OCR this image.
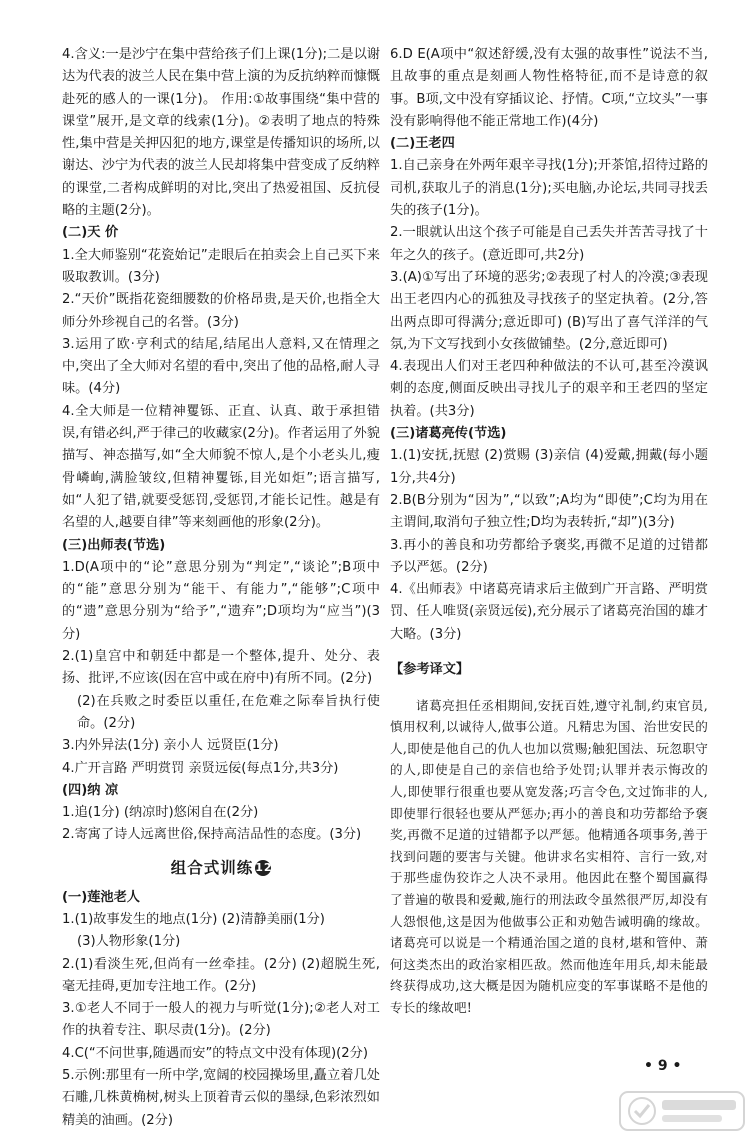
4.含义:一是沙宁在集中营给孩子们上课(1分);二是以谢达为代表的波兰人民在集中营上演的为反抗纳粹而慷慨赴死的感人的一课(1分)。 作用:①故事围绕“集中营的课堂”展开,是文章的线索(1分)。②表明了地点的特殊性,集中营是关押囚犯的地方,课堂是传播知识的场所,以谢达、沙宁为代表的波兰人民却将集中营变成了反纳粹的课堂,二者构成鲜明的对比,突出了热爱祖国、反抗侵略的主题(2分)。

(二)天 价

1.全大师鉴别“花瓷始记”走眼后在拍卖会上自己买下来吸取教训。(3分)

2.“天价”既指花瓷细腰数的价格昂贵,是天价,也指全大师分外珍视自己的名誉。(3分)

3.运用了欧·亨利式的结尾,结尾出人意料,又在情理之中,突出了全大师对名望的看中,突出了他的品格,耐人寻味。(4分)

4.全大师是一位精神矍铄、正直、认真、敢于承担错误,有错必纠,严于律己的收藏家(2分)。作者运用了外貌描写、神态描写,如“全大师貌不惊人,是个小老头儿,瘦骨嶙峋,满脸皱纹,但精神矍铄,目光如炬”;语言描写,如“人犯了错,就要受惩罚,受惩罚,才能长记性。越是有名望的人,越要自律”等来刻画他的形象(2分)。

(三)出师表(节选)

1.D(A项中的“论”意思分别为“判定”,“谈论”;B项中的“能”意思分别为“能干、有能力”,“能够”;C项中的“遗”意思分别为“给予”,“遗弃”;D项均为“应当”)(3分)

2.(1)皇宫中和朝廷中都是一个整体,提升、处分、表扬、批评,不应该(因在宫中或在府中)有所不同。(2分)

(2)在兵败之时委臣以重任,在危难之际奉旨执行使命。(2分)

3.内外异法(1分) 亲小人 远贤臣(1分)

4.广开言路 严明赏罚 亲贤远佞(每点1分,共3分)

(四)纳 凉

1.追(1分) (纳凉时)悠闲自在(2分)

2.寄寓了诗人远离世俗,保持高洁品性的态度。(3分)

组合式训练 12

(一)莲池老人

1.(1)故事发生的地点(1分) (2)清静美丽(1分)

(3)人物形象(1分)

2.(1)看淡生死,但尚有一丝牵挂。(2分) (2)超脱生死,毫无挂碍,更加专注地工作。(2分)

3.①老人不同于一般人的视力与听觉(1分);②老人对工作的执着专注、职尽责(1分)。(2分)

4.C(“不问世事,随遇而安”的特点文中没有体现)(2分)

5.示例:那里有一所中学,宽阔的校园操场里,矗立着几处石雕,几株黄桷树,树头上顶着青云似的墨绿,色彩浓烈如精美的油画。(2分)

6.D E(A项中“叙述舒缓,没有太强的故事性”说法不当,且故事的重点是刻画人物性格特征,而不是诗意的叙事。B项,文中没有穿插议论、抒情。C项,“立坟头”一事没有影响得他不能正常地工作)(4分)

(二)王老四

1.自己亲身在外两年艰辛寻找(1分);开茶馆,招待过路的司机,获取儿子的消息(1分);买电脑,办论坛,共同寻找丢失的孩子(1分)。

2.一眼就认出这个孩子可能是自己丢失并苦苦寻找了十年之久的孩子。(意近即可,共2分)

3.(A)①写出了环境的恶劣;②表现了村人的冷漠;③表现出王老四内心的孤独及寻找孩子的坚定执着。(2分,答出两点即可得满分;意近即可) (B)写出了喜气洋洋的气氛,为下文写找到小女孩做铺垫。(2分,意近即可)

4.表现出人们对王老四种种做法的不认可,甚至冷漠讽刺的态度,侧面反映出寻找儿子的艰辛和王老四的坚定执着。(共3分)

(三)诸葛亮传(节选)

1.(1)安抚,抚慰 (2)赏赐 (3)亲信 (4)爱戴,拥戴(每小题1分,共4分)

2.B(B分别为“因为”,“以致”;A均为“即使”;C均为用在主谓间,取消句子独立性;D均为表转折,“却”)(3分)

3.再小的善良和功劳都给予褒奖,再微不足道的过错都予以严惩。(2分)

4.《出师表》中诸葛亮请求后主做到广开言路、严明赏罚、任人唯贤(亲贤远佞),充分展示了诸葛亮治国的雄才大略。(3分)

【参考译文】

诸葛亮担任丞相期间,安抚百姓,遵守礼制,约束官员,慎用权利,以诚待人,做事公道。凡精忠为国、治世安民的人,即使是他自己的仇人也加以赏赐;触犯国法、玩忽职守的人,即使是自己的亲信也给予处罚;认罪并表示悔改的人,即使罪行很重也要从宽发落;巧言令色,文过饰非的人,即使罪行很轻也要从严惩办;再小的善良和功劳都给予褒奖,再微不足道的过错都予以严惩。他精通各项事务,善于找到问题的要害与关键。他讲求名实相符、言行一致,对于那些虚伪狡诈之人决不录用。他因此在整个蜀国赢得了普遍的敬畏和爱戴,施行的刑法政令虽然很严厉,却没有人怨恨他,这是因为他做事公正和劝勉告诫明确的缘故。诸葛亮可以说是一个精通治国之道的良材,堪和管仲、萧何这类杰出的政治家相匹敌。然而他连年用兵,却未能最终获得成功,这大概是因为随机应变的军事谋略不是他的专长的缘故吧!

• 9 •
